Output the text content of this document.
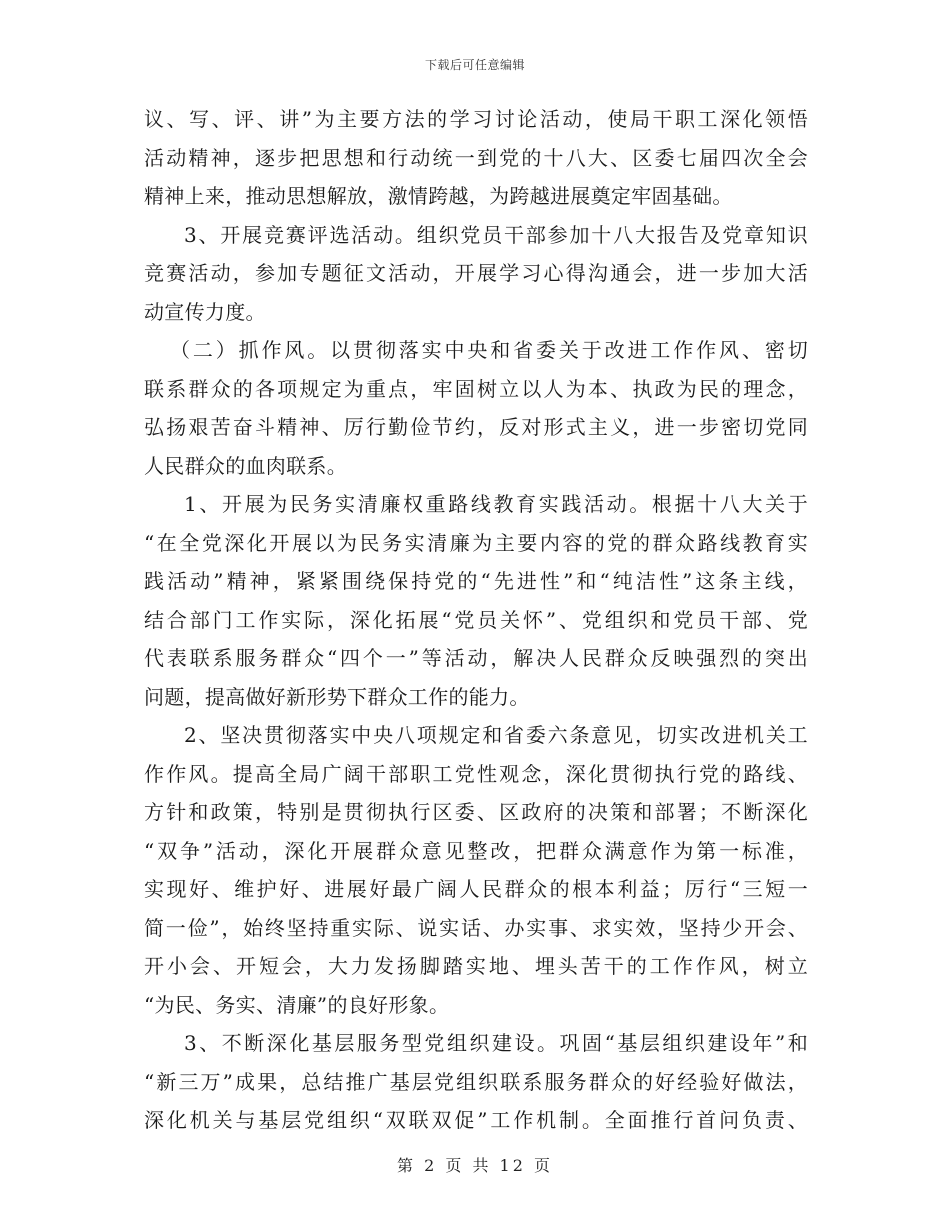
下载后可任意编辑
议、写、评、讲”为主要方法的学习讨论活动，使局干职工深化领悟
活动精神，逐步把思想和行动统一到党的十八大、区委七届四次全会
精神上来，推动思想解放，激情跨越，为跨越进展奠定牢固基础。
3、开展竞赛评选活动。组织党员干部参加十八大报告及党章知识
竞赛活动，参加专题征文活动，开展学习心得沟通会，进一步加大活
动宣传力度。
（二）抓作风。以贯彻落实中央和省委关于改进工作作风、密切
联系群众的各项规定为重点，牢固树立以人为本、执政为民的理念，
弘扬艰苦奋斗精神、厉行勤俭节约，反对形式主义，进一步密切党同
人民群众的血肉联系。
1、开展为民务实清廉权重路线教育实践活动。根据十八大关于
“在全党深化开展以为民务实清廉为主要内容的党的群众路线教育实
践活动”精神，紧紧围绕保持党的“先进性”和“纯洁性”这条主线，
结合部门工作实际，深化拓展“党员关怀”、党组织和党员干部、党
代表联系服务群众“四个一”等活动，解决人民群众反映强烈的突出
问题，提高做好新形势下群众工作的能力。
2、坚决贯彻落实中央八项规定和省委六条意见，切实改进机关工
作作风。提高全局广阔干部职工党性观念，深化贯彻执行党的路线、
方针和政策，特别是贯彻执行区委、区政府的决策和部署；不断深化
“双争”活动，深化开展群众意见整改，把群众满意作为第一标准，
实现好、维护好、进展好最广阔人民群众的根本利益；厉行“三短一
简一俭”，始终坚持重实际、说实话、办实事、求实效，坚持少开会、
开小会、开短会，大力发扬脚踏实地、埋头苦干的工作作风，树立
“为民、务实、清廉”的良好形象。
3、不断深化基层服务型党组织建设。巩固“基层组织建设年”和
“新三万”成果，总结推广基层党组织联系服务群众的好经验好做法，
深化机关与基层党组织“双联双促”工作机制。全面推行首问负责、
第 2 页 共 12 页
